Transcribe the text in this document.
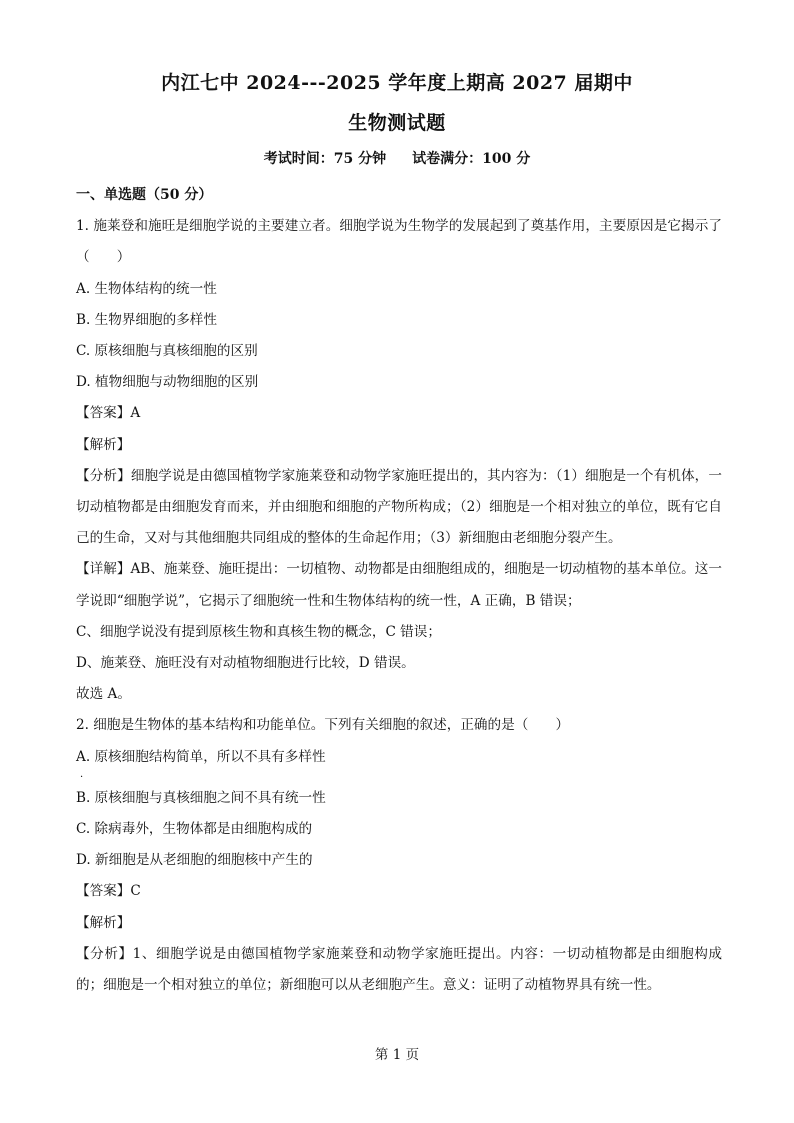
内江七中 2024---2025 学年度上期高 2027 届期中
生物测试题
考试时间：75 分钟 试卷满分：100 分
一、单选题（50 分）
1. 施莱登和施旺是细胞学说的主要建立者。细胞学说为生物学的发展起到了奠基作用，主要原因是它揭示了（　　）
A. 生物体结构的统一性
B. 生物界细胞的多样性
C. 原核细胞与真核细胞的区别
D. 植物细胞与动物细胞的区别
【答案】A
【解析】
【分析】细胞学说是由德国植物学家施莱登和动物学家施旺提出的，其内容为：（1）细胞是一个有机体，一切动植物都是由细胞发育而来，并由细胞和细胞的产物所构成；（2）细胞是一个相对独立的单位，既有它自己的生命，又对与其他细胞共同组成的整体的生命起作用；（3）新细胞由老细胞分裂产生。
【详解】AB、施莱登、施旺提出：一切植物、动物都是由细胞组成的，细胞是一切动植物的基本单位。这一学说即“细胞学说”，它揭示了细胞统一性和生物体结构的统一性，A 正确，B 错误；
C、细胞学说没有提到原核生物和真核生物的概念，C 错误；
D、施莱登、施旺没有对动植物细胞进行比较，D 错误。
故选 A。
2. 细胞是生物体的基本结构和功能单位。下列有关细胞的叙述，正确的是（　　）
A. 原核细胞结构简单，所以不具有多样性
·
B. 原核细胞与真核细胞之间不具有统一性
C. 除病毒外，生物体都是由细胞构成的
D. 新细胞是从老细胞的细胞核中产生的
【答案】C
【解析】
【分析】1、细胞学说是由德国植物学家施莱登和动物学家施旺提出。内容：一切动植物都是由细胞构成的；细胞是一个相对独立的单位；新细胞可以从老细胞产生。意义：证明了动植物界具有统一性。
第 1 页
